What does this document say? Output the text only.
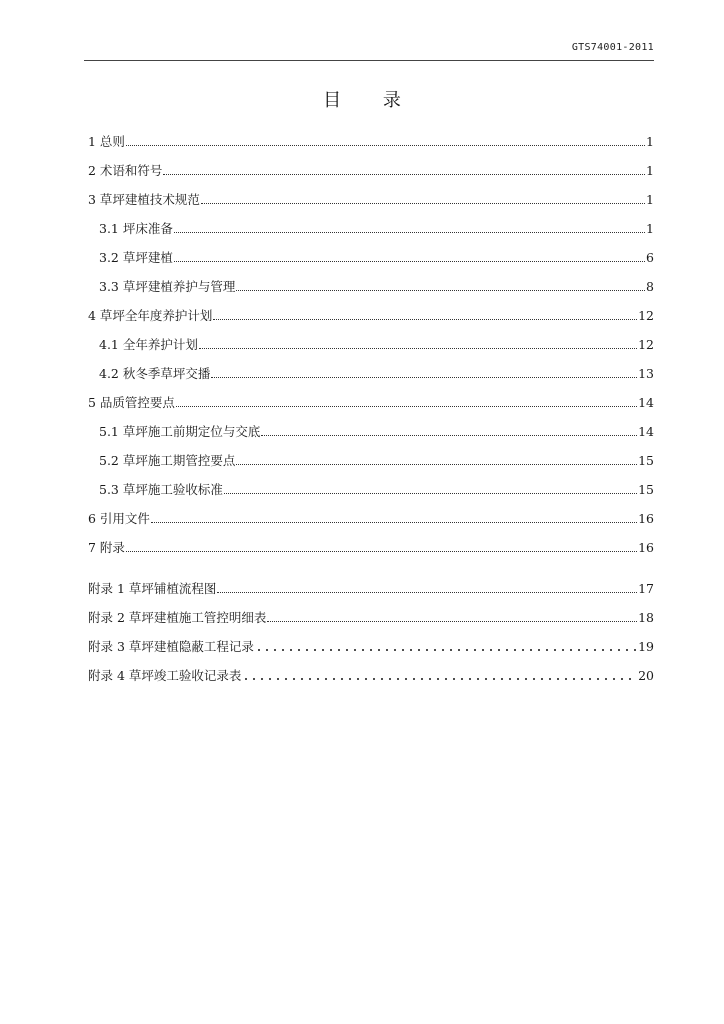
GTS74001-2011
目 录
1 总则	1
2 术语和符号	1
3 草坪建植技术规范	1
3.1 坪床准备	1
3.2 草坪建植	6
3.3 草坪建植养护与管理	8
4 草坪全年度养护计划	12
4.1 全年养护计划	12
4.2 秋冬季草坪交播	13
5 品质管控要点	14
5.1 草坪施工前期定位与交底	14
5.2 草坪施工期管控要点	15
5.3 草坪施工验收标准	15
6 引用文件	16
7 附录	16
附录 1 草坪铺植流程图	17
附录 2 草坪建植施工管控明细表	18
附录 3 草坪建植隐蔽工程记录	19
附录 4 草坪竣工验收记录表	20
